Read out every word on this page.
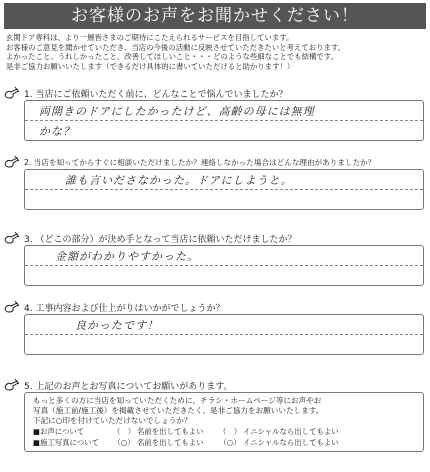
お客様のお声をお聞かせください！
玄関ドア専科は、より一層皆さまのご期待にこたえられるサービスを目指しています。
お客様のご意見を聞かせていただき、当店の今後の活動に反映させていただきたいと考えております。
よかったこと、うれしかったこと、改善してほしいこと・・・どのような些細なことでも結構です。
是非ご協力お願いいたします（できるだけ具体的に書いていただけると助かります！）
1. 当店にご依頼いただく前に、どんなことで悩んでいましたか？
両開きのドアにしたかったけど、高齢の母には無理
かな？
2. 当店を知ってからすぐに相談いただけましたか？連絡しなかった場合はどんな理由がありましたか？
誰も言いださなかった。ドアにしようと。
3. （どこの部分）が決め手となって当店に依頼いただけましたか？
金額がわかりやすかった。
4. 工事内容および仕上がりはいかがでしょうか？
良かったです！
5. 上記のお声とお写真についてお願いがあります。
もっと多くの方に当店を知っていただくために、チラシ・ホームページ等にお声やお
写真（施工前/施工後）を掲載させていただきたく、是非ご協力をお願いいたします。
下記に○印を付けていただけないでしょうか？
■お声について	（　） 名前を出してもよい	（　） イニシャルなら出してもよい
■施工写真について	（○） 名前を出してもよい	（○） イニシャルなら出してもよい
